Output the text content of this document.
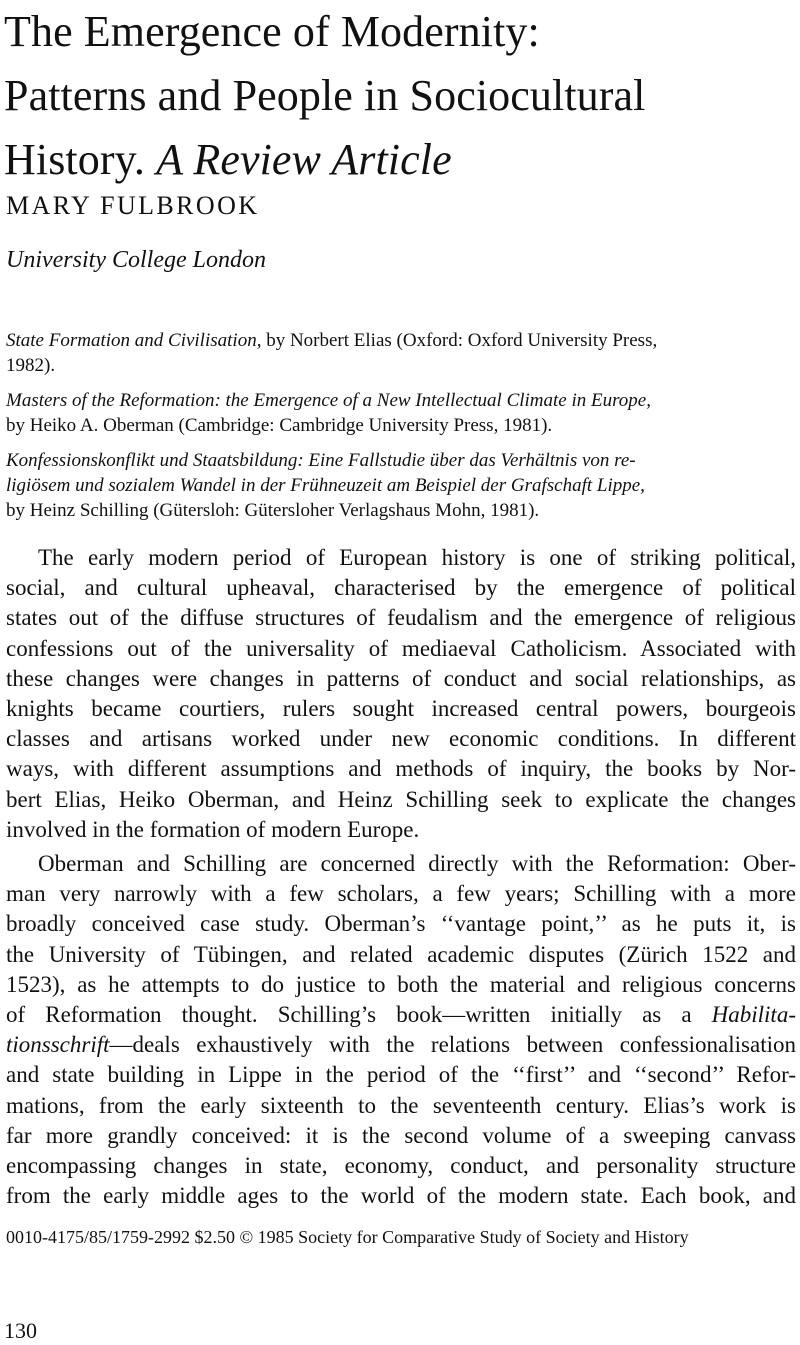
The Emergence of Modernity:
Patterns and People in Sociocultural
History. A Review Article
MARY FULBROOK
University College London

State Formation and Civilisation, by Norbert Elias (Oxford: Oxford University Press,
1982).

Masters of the Reformation: the Emergence of a New Intellectual Climate in Europe,
by Heiko A. Oberman (Cambridge: Cambridge University Press, 1981).

Konfessionskonflikt und Staatsbildung: Eine Fallstudie über das Verhältnis von re-
ligiösem und sozialem Wandel in der Frühneuzeit am Beispiel der Grafschaft Lippe,
by Heinz Schilling (Gütersloh: Gütersloher Verlagshaus Mohn, 1981).

The early modern period of European history is one of striking political,
social, and cultural upheaval, characterised by the emergence of political
states out of the diffuse structures of feudalism and the emergence of religious
confessions out of the universality of mediaeval Catholicism. Associated with
these changes were changes in patterns of conduct and social relationships, as
knights became courtiers, rulers sought increased central powers, bourgeois
classes and artisans worked under new economic conditions. In different
ways, with different assumptions and methods of inquiry, the books by Nor-
bert Elias, Heiko Oberman, and Heinz Schilling seek to explicate the changes
involved in the formation of modern Europe.

Oberman and Schilling are concerned directly with the Reformation: Ober-
man very narrowly with a few scholars, a few years; Schilling with a more
broadly conceived case study. Oberman’s ‘‘vantage point,’’ as he puts it, is
the University of Tübingen, and related academic disputes (Zürich 1522 and
1523), as he attempts to do justice to both the material and religious concerns
of Reformation thought. Schilling’s book—written initially as a Habilita-
tionsschrift—deals exhaustively with the relations between confessionalisation
and state building in Lippe in the period of the ‘‘first’’ and ‘‘second’’ Refor-
mations, from the early sixteenth to the seventeenth century. Elias’s work is
far more grandly conceived: it is the second volume of a sweeping canvass
encompassing changes in state, economy, conduct, and personality structure
from the early middle ages to the world of the modern state. Each book, and

0010-4175/85/1759-2992 $2.50 © 1985 Society for Comparative Study of Society and History
130
